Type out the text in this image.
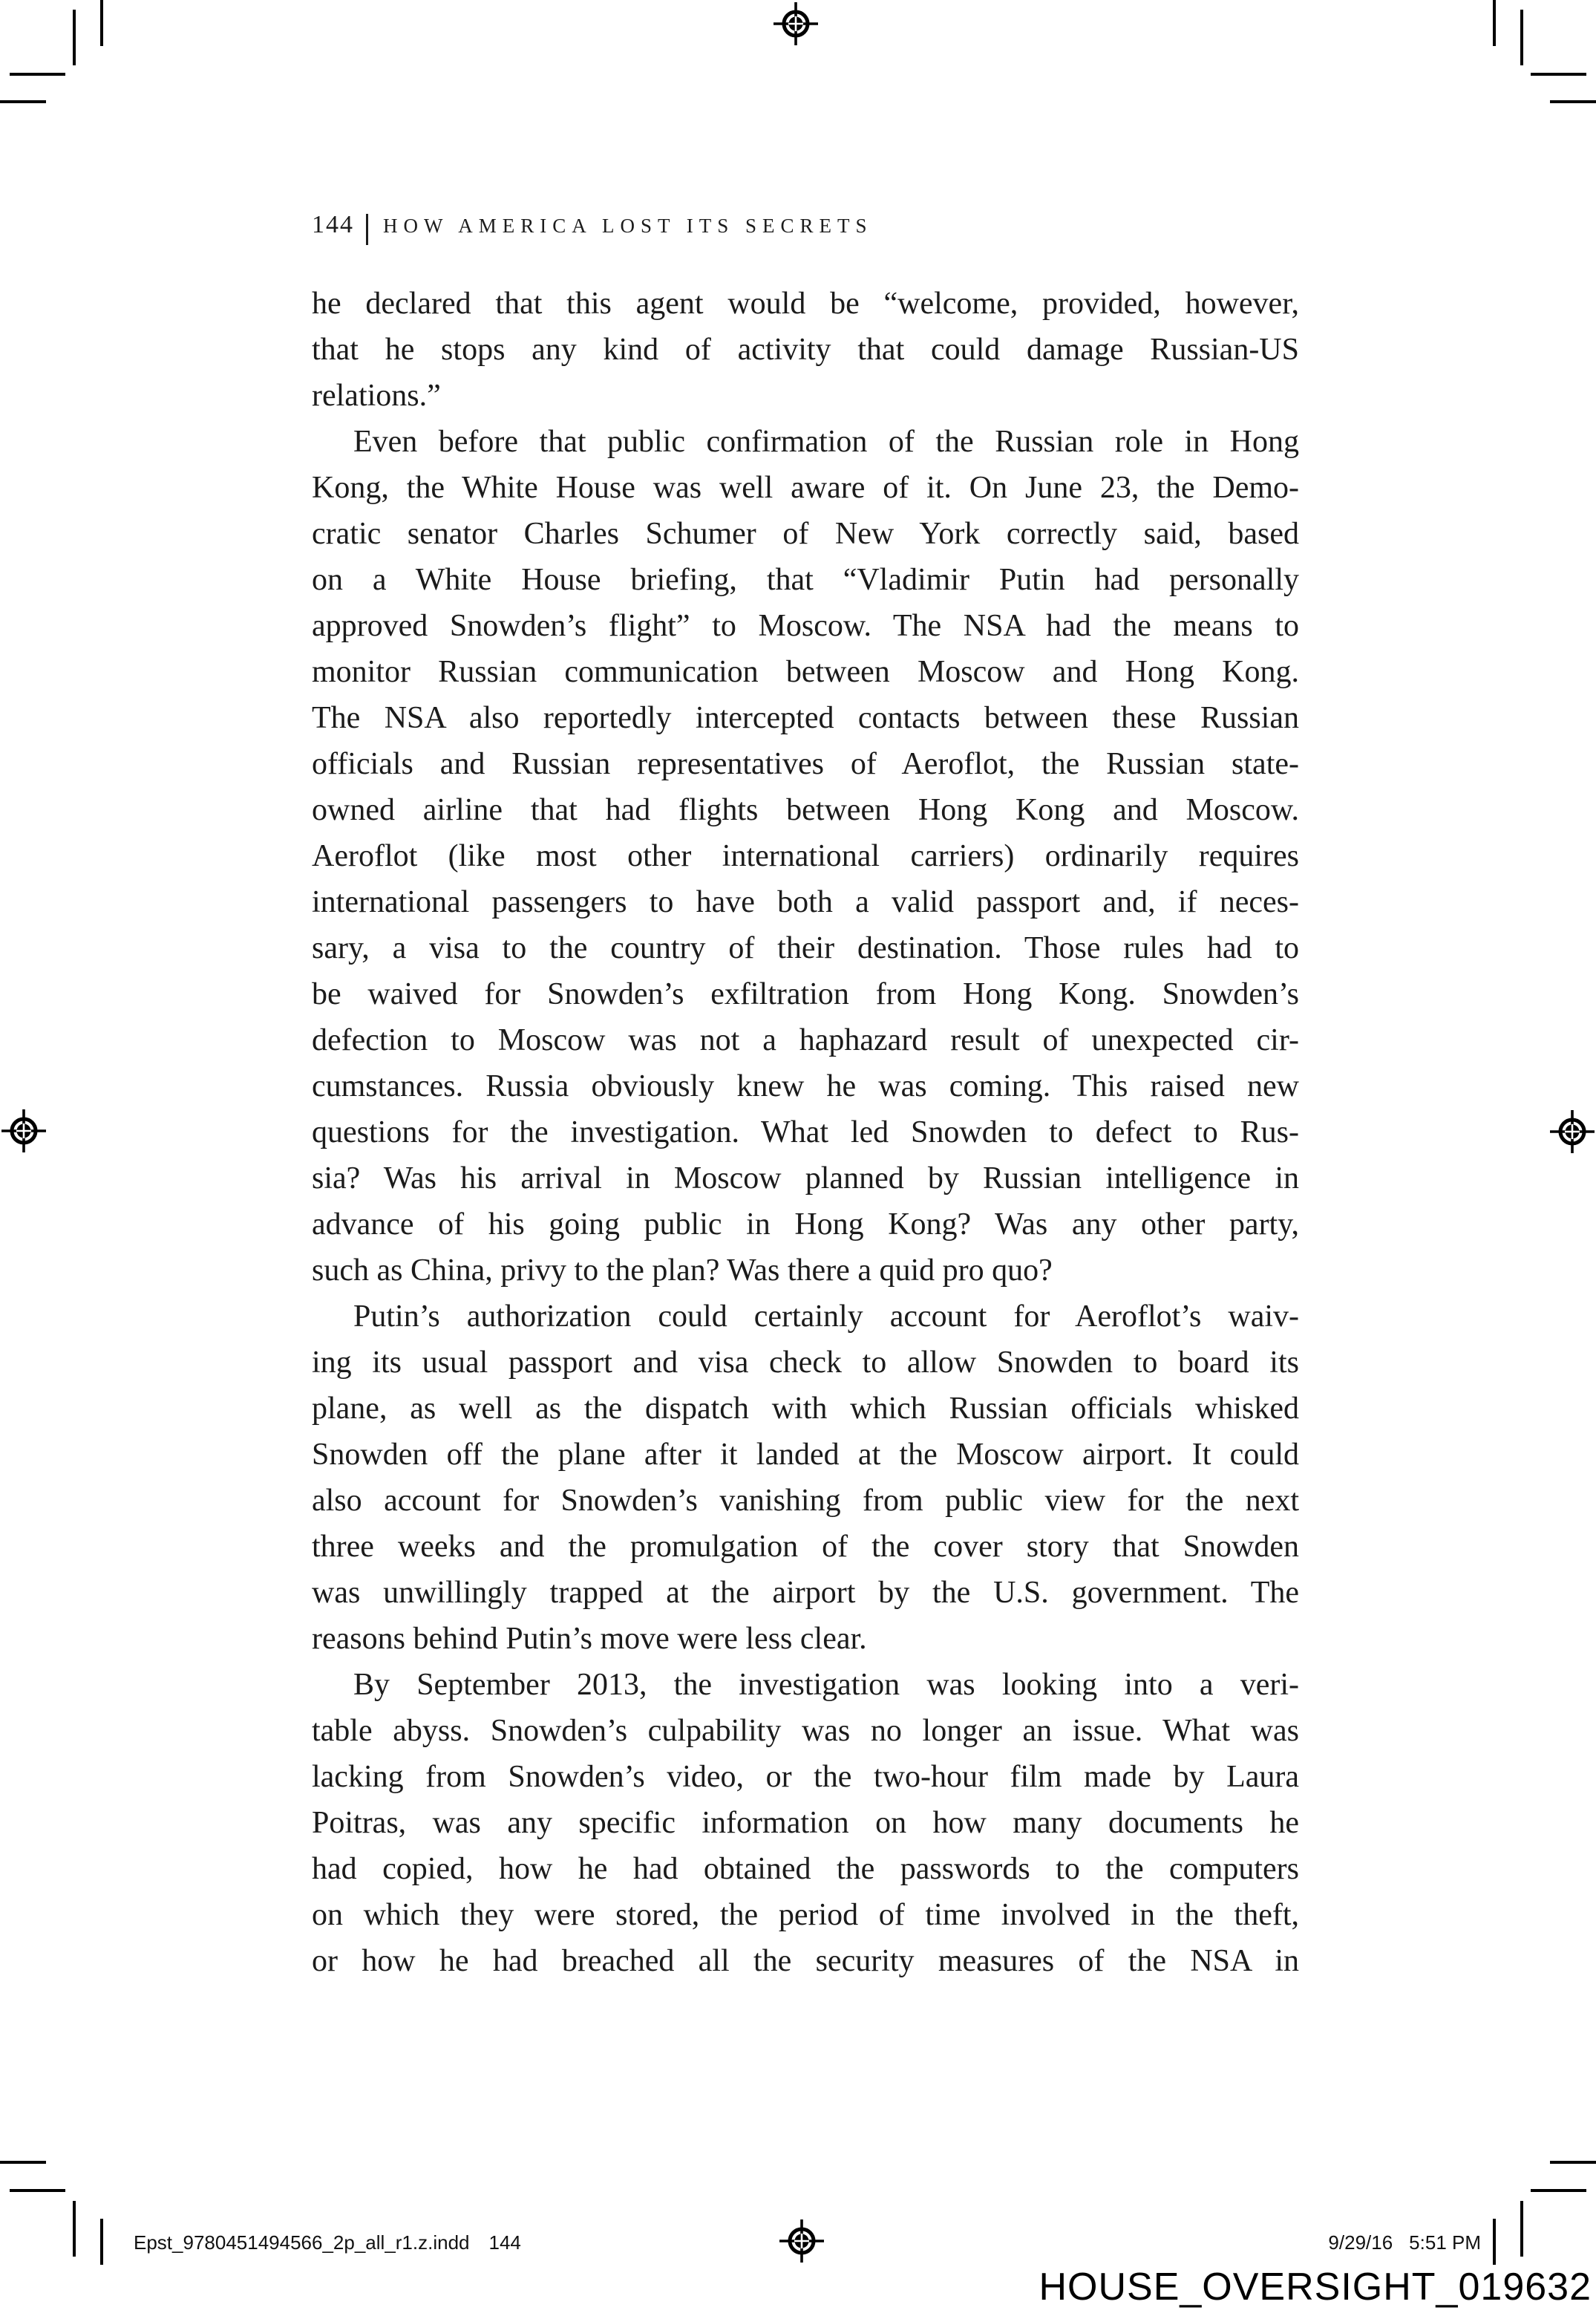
144 HOW AMERICA LOST ITS SECRETS
he declared that this agent would be “welcome, provided, however,
that he stops any kind of activity that could damage Russian-US
relations.”
Even before that public confirmation of the Russian role in Hong
Kong, the White House was well aware of it. On June 23, the Demo-
cratic senator Charles Schumer of New York correctly said, based
on a White House briefing, that “Vladimir Putin had personally
approved Snowden’s flight” to Moscow. The NSA had the means to
monitor Russian communication between Moscow and Hong Kong.
The NSA also reportedly intercepted contacts between these Russian
officials and Russian representatives of Aeroflot, the Russian state-
owned airline that had flights between Hong Kong and Moscow.
Aeroflot (like most other international carriers) ordinarily requires
international passengers to have both a valid passport and, if neces-
sary, a visa to the country of their destination. Those rules had to
be waived for Snowden’s exfiltration from Hong Kong. Snowden’s
defection to Moscow was not a haphazard result of unexpected cir-
cumstances. Russia obviously knew he was coming. This raised new
questions for the investigation. What led Snowden to defect to Rus-
sia? Was his arrival in Moscow planned by Russian intelligence in
advance of his going public in Hong Kong? Was any other party,
such as China, privy to the plan? Was there a quid pro quo?
Putin’s authorization could certainly account for Aeroflot’s waiv-
ing its usual passport and visa check to allow Snowden to board its
plane, as well as the dispatch with which Russian officials whisked
Snowden off the plane after it landed at the Moscow airport. It could
also account for Snowden’s vanishing from public view for the next
three weeks and the promulgation of the cover story that Snowden
was unwillingly trapped at the airport by the U.S. government. The
reasons behind Putin’s move were less clear.
By September 2013, the investigation was looking into a veri-
table abyss. Snowden’s culpability was no longer an issue. What was
lacking from Snowden’s video, or the two-hour film made by Laura
Poitras, was any specific information on how many documents he
had copied, how he had obtained the passwords to the computers
on which they were stored, the period of time involved in the theft,
or how he had breached all the security measures of the NSA in
Epst_9780451494566_2p_all_r1.z.indd 144	9/29/16 5:51 PM
HOUSE_OVERSIGHT_019632
